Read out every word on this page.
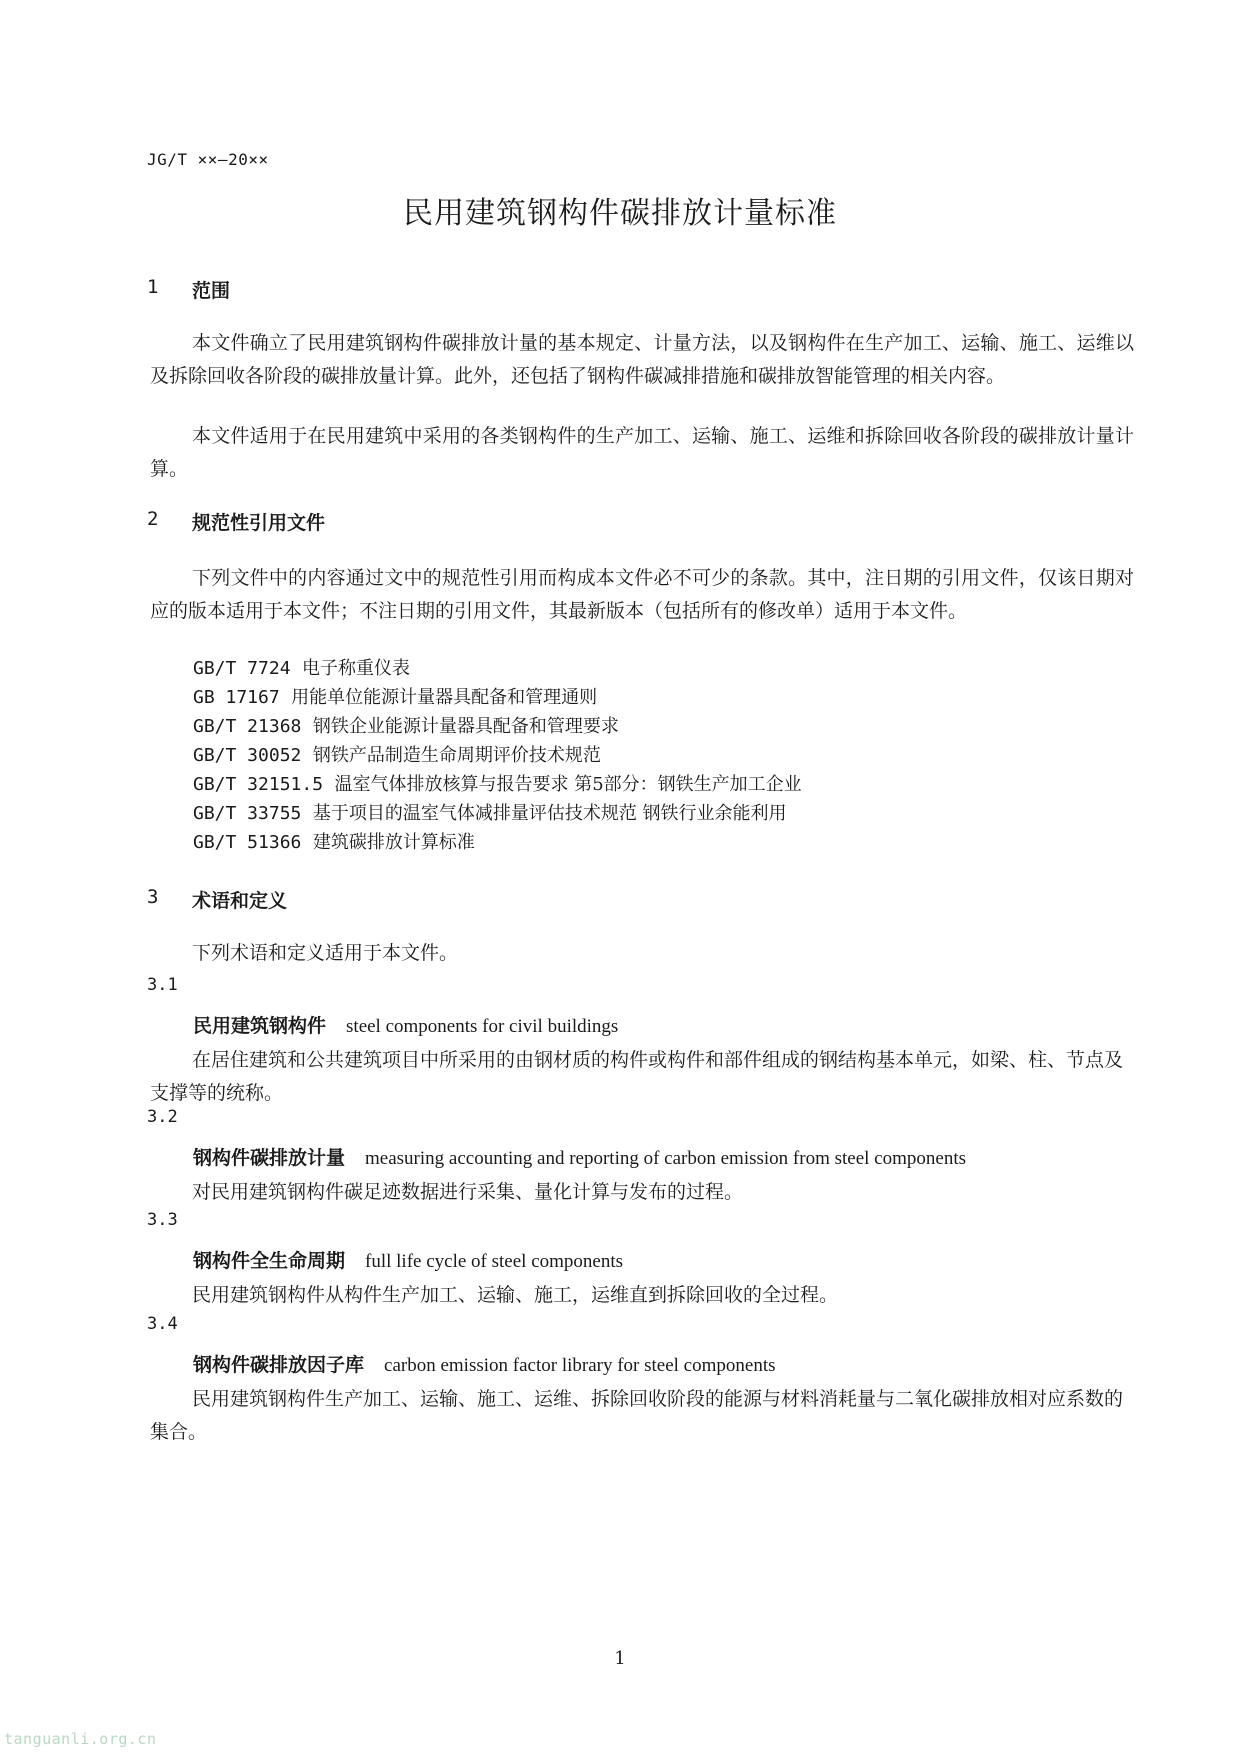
JG/T ××—20××
民用建筑钢构件碳排放计量标准
1 范围
本文件确立了民用建筑钢构件碳排放计量的基本规定、计量方法，以及钢构件在生产加工、运输、施工、运维以及拆除回收各阶段的碳排放量计算。此外，还包括了钢构件碳减排措施和碳排放智能管理的相关内容。
本文件适用于在民用建筑中采用的各类钢构件的生产加工、运输、施工、运维和拆除回收各阶段的碳排放计量计算。
2 规范性引用文件
下列文件中的内容通过文中的规范性引用而构成本文件必不可少的条款。其中，注日期的引用文件，仅该日期对应的版本适用于本文件；不注日期的引用文件，其最新版本（包括所有的修改单）适用于本文件。
GB/T 7724 电子称重仪表
GB 17167 用能单位能源计量器具配备和管理通则
GB/T 21368 钢铁企业能源计量器具配备和管理要求
GB/T 30052 钢铁产品制造生命周期评价技术规范
GB/T 32151.5 温室气体排放核算与报告要求 第5部分：钢铁生产加工企业
GB/T 33755 基于项目的温室气体减排量评估技术规范 钢铁行业余能利用
GB/T 51366 建筑碳排放计算标准
3 术语和定义
下列术语和定义适用于本文件。
3.1
民用建筑钢构件 steel components for civil buildings
在居住建筑和公共建筑项目中所采用的由钢材质的构件或构件和部件组成的钢结构基本单元，如梁、柱、节点及支撑等的统称。
3.2
钢构件碳排放计量 measuring accounting and reporting of carbon emission from steel components
对民用建筑钢构件碳足迹数据进行采集、量化计算与发布的过程。
3.3
钢构件全生命周期 full life cycle of steel components
民用建筑钢构件从构件生产加工、运输、施工，运维直到拆除回收的全过程。
3.4
钢构件碳排放因子库 carbon emission factor library for steel components
民用建筑钢构件生产加工、运输、施工、运维、拆除回收阶段的能源与材料消耗量与二氧化碳排放相对应系数的集合。
1
tanguanli.org.cn
